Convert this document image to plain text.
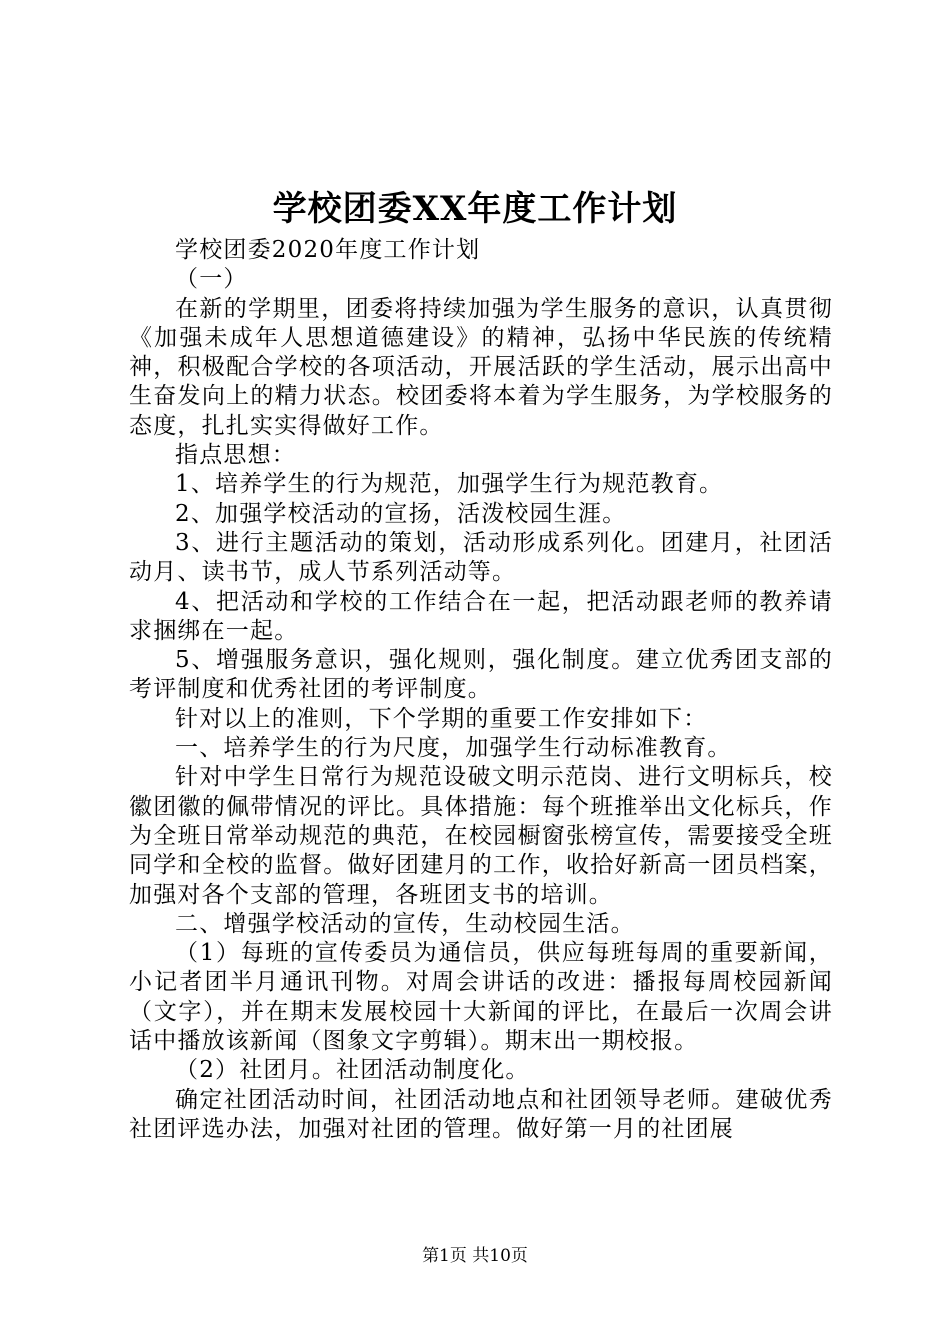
学校团委XX年度工作计划

学校团委2020年度工作计划

（一）

在新的学期里，团委将持续加强为学生服务的意识，认真贯彻《加强未成年人思想道德建设》的精神，弘扬中华民族的传统精神，积极配合学校的各项活动，开展活跃的学生活动，展示出高中生奋发向上的精力状态。校团委将本着为学生服务，为学校服务的态度，扎扎实实得做好工作。

指点思想：

1、培养学生的行为规范，加强学生行为规范教育。

2、加强学校活动的宣扬，活泼校园生涯。

3、进行主题活动的策划，活动形成系列化。团建月，社团活动月、读书节，成人节系列活动等。

4、把活动和学校的工作结合在一起，把活动跟老师的教养请求捆绑在一起。

5、增强服务意识，强化规则，强化制度。建立优秀团支部的考评制度和优秀社团的考评制度。

针对以上的准则，下个学期的重要工作安排如下：

一、培养学生的行为尺度，加强学生行动标准教育。

针对中学生日常行为规范设破文明示范岗、进行文明标兵，校徽团徽的佩带情况的评比。具体措施：每个班推举出文化标兵，作为全班日常举动规范的典范，在校园橱窗张榜宣传，需要接受全班同学和全校的监督。做好团建月的工作，收拾好新高一团员档案，加强对各个支部的管理，各班团支书的培训。

二、增强学校活动的宣传，生动校园生活。

（1）每班的宣传委员为通信员，供应每班每周的重要新闻，小记者团半月通讯刊物。对周会讲话的改进：播报每周校园新闻（文字），并在期末发展校园十大新闻的评比，在最后一次周会讲话中播放该新闻（图象文字剪辑）。期末出一期校报。

（2）社团月。社团活动制度化。

确定社团活动时间，社团活动地点和社团领导老师。建破优秀社团评选办法，加强对社团的管理。做好第一月的社团展

第1页 共10页
